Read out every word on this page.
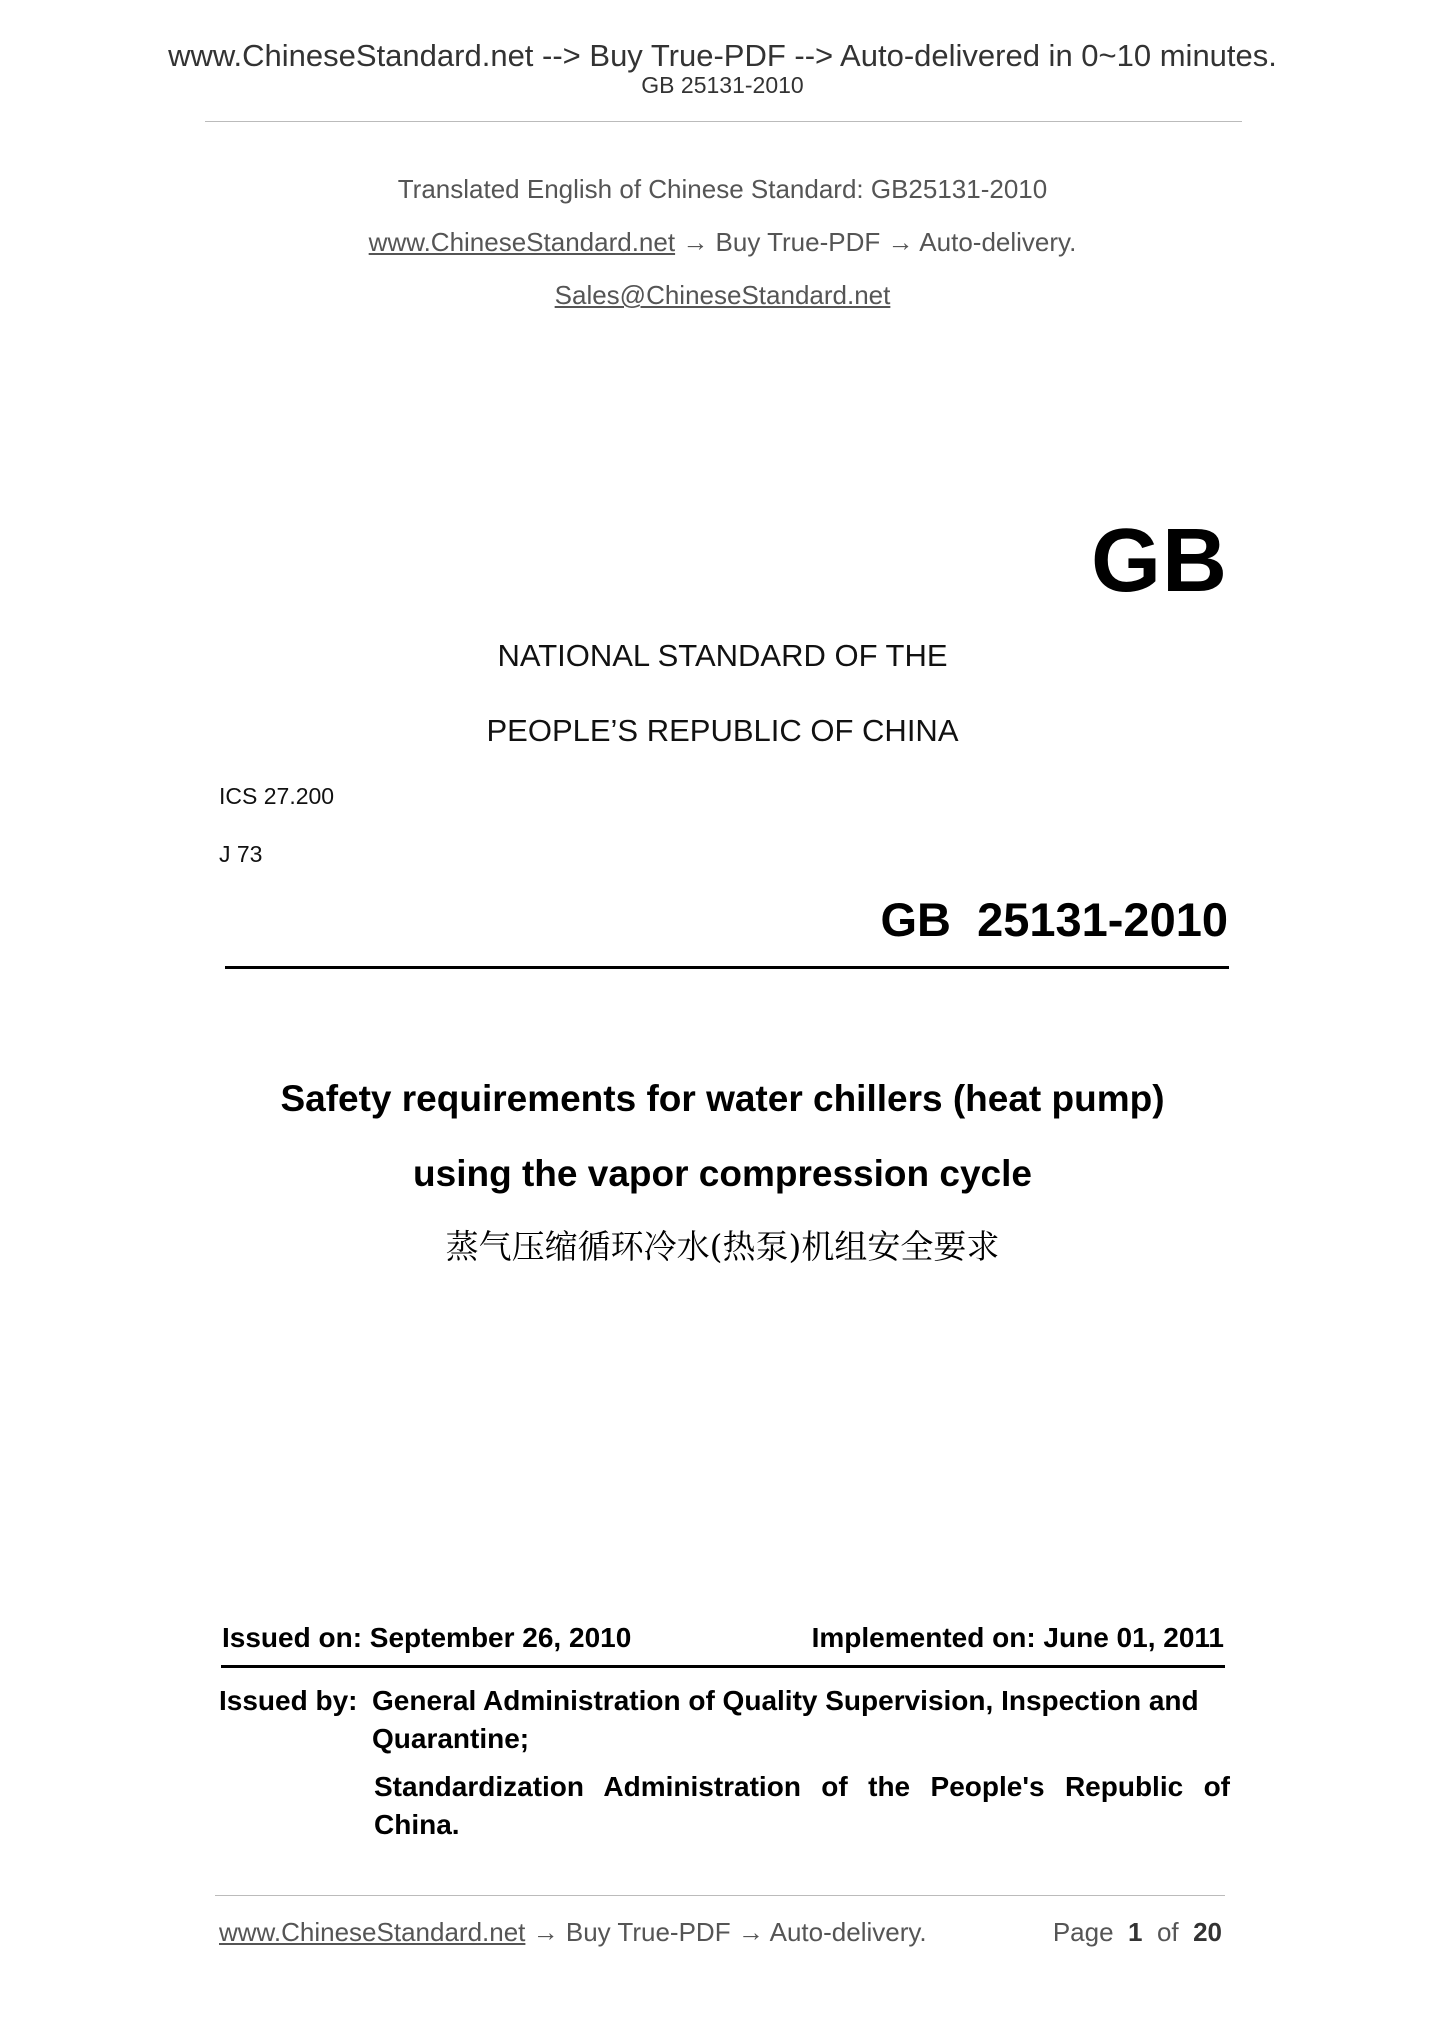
www.ChineseStandard.net --> Buy True-PDF --> Auto-delivered in 0~10 minutes.
GB 25131-2010
Translated English of Chinese Standard: GB25131-2010
www.ChineseStandard.net → Buy True-PDF → Auto-delivery.
Sales@ChineseStandard.net
GB
NATIONAL STANDARD OF THE
PEOPLE’S REPUBLIC OF CHINA
ICS 27.200
J 73
GB  25131-2010
Safety requirements for water chillers (heat pump)
using the vapor compression cycle
蒸气压缩循环冷水(热泵)机组安全要求
Issued on: September 26, 2010	Implemented on: June 01, 2011
Issued by: General Administration of Quality Supervision, Inspection and Quarantine;
Standardization Administration of the People's Republic of China.
www.ChineseStandard.net → Buy True-PDF → Auto-delivery.	Page 1 of 20
